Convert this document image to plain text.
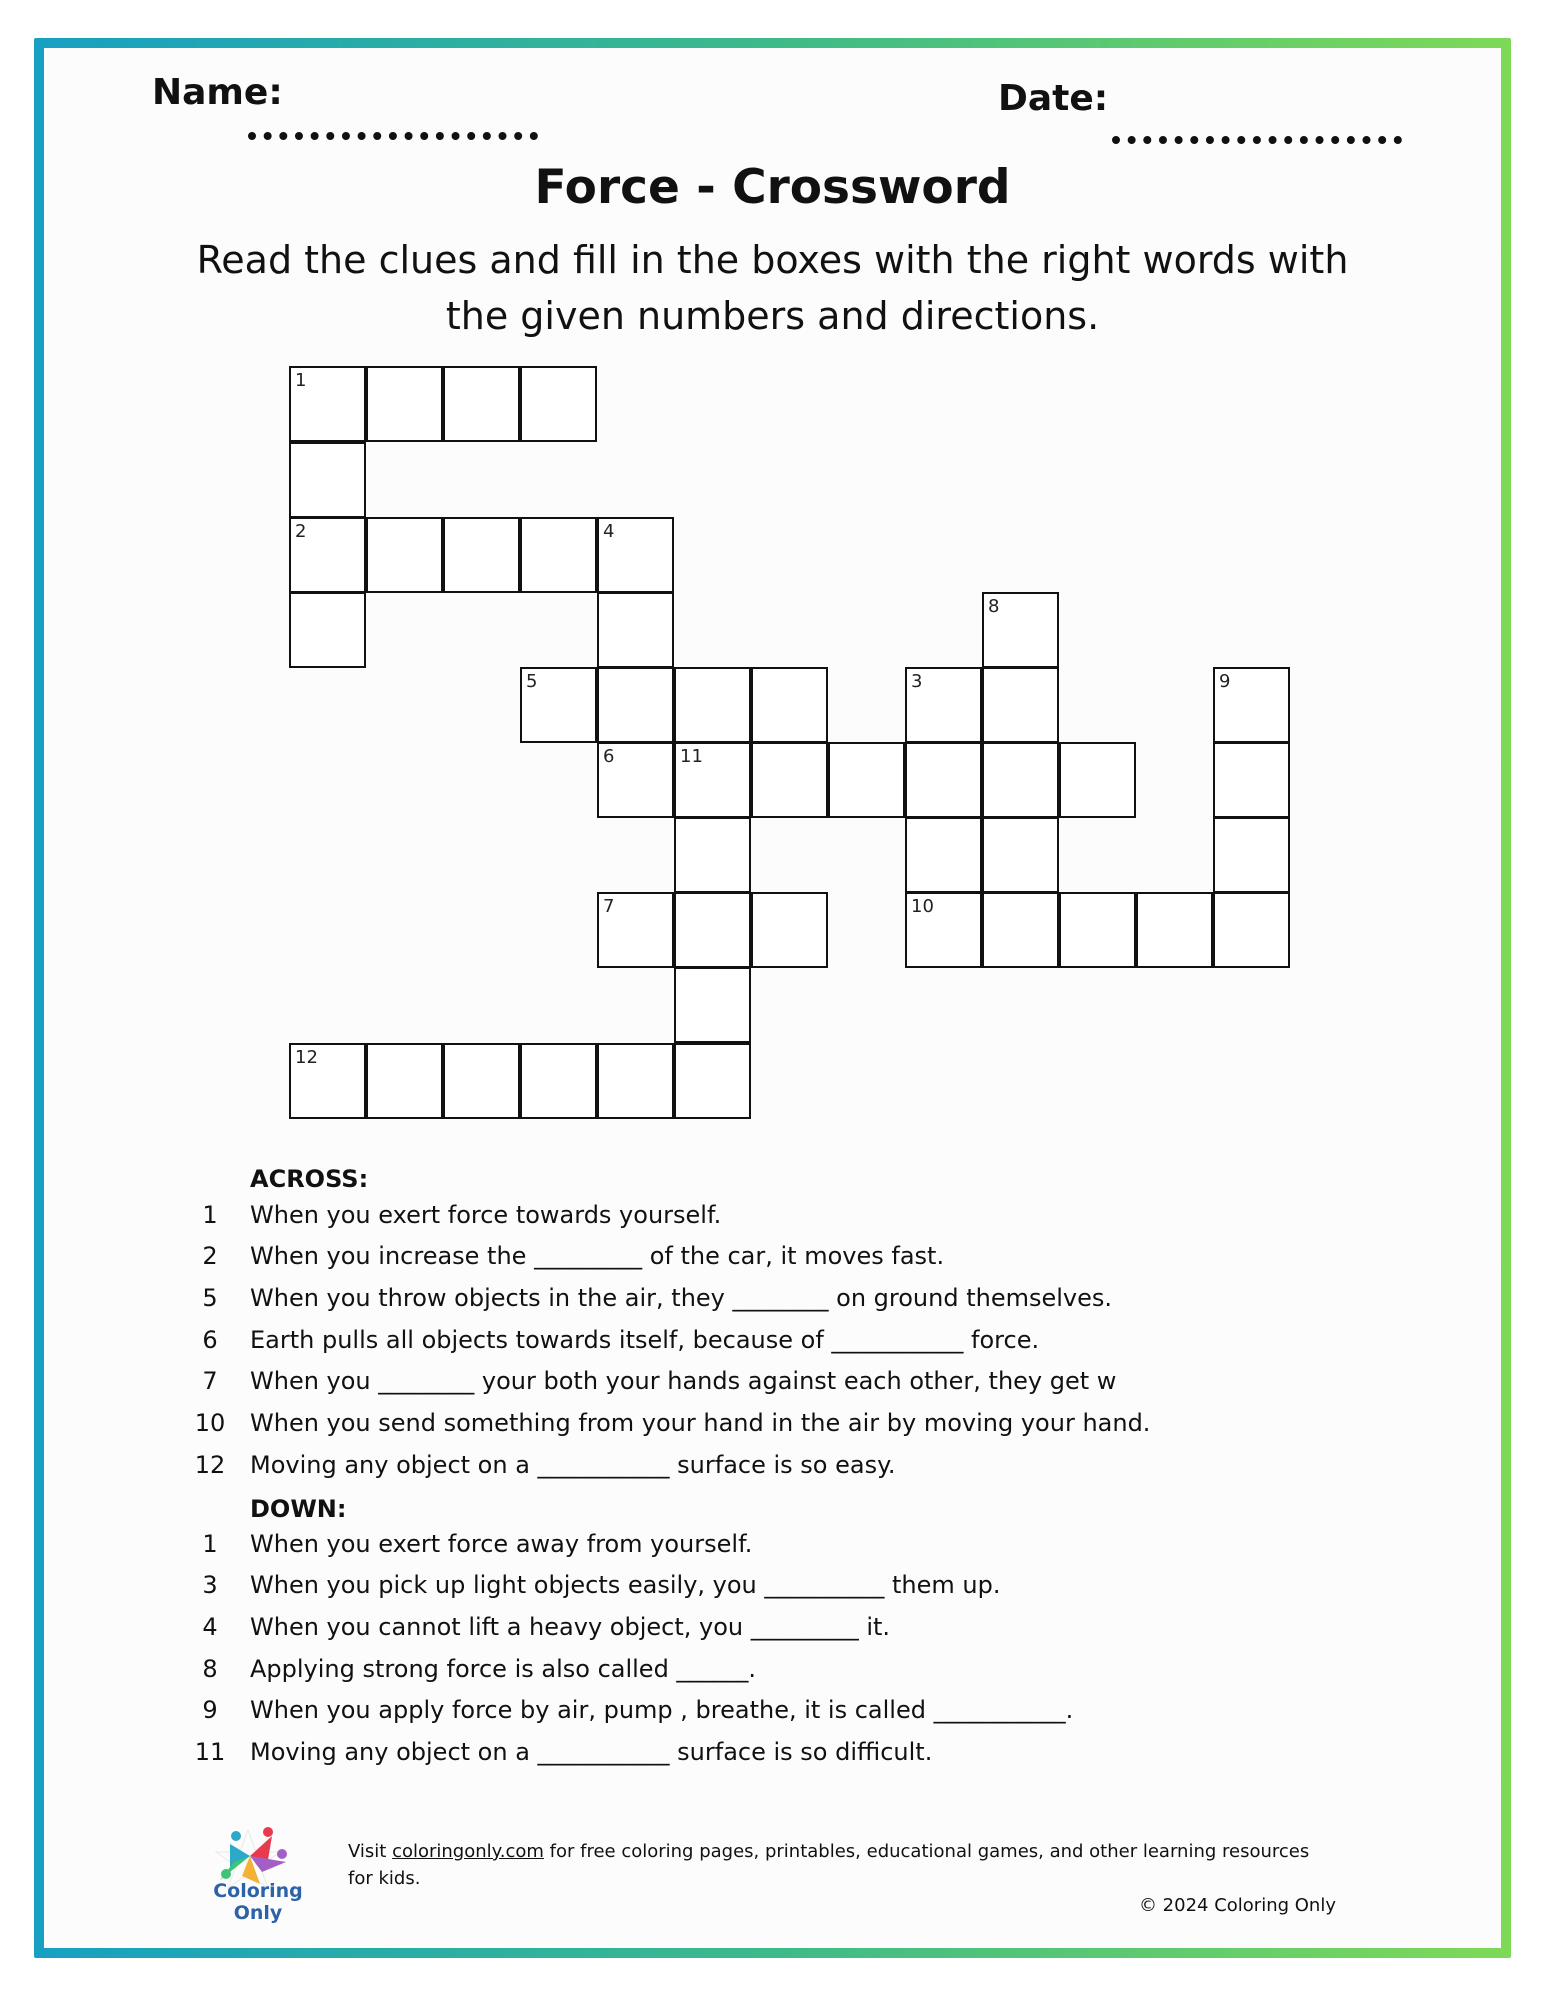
Name:	Date:
Force - Crossword
Read the clues and fill in the boxes with the right words with the given numbers and directions.
1
2	4
8
5	3	9
6	11
7	10
12
ACROSS:
1 When you exert force towards yourself.
2 When you increase the _________ of the car, it moves fast.
5 When you throw objects in the air, they ________ on ground themselves.
6 Earth pulls all objects towards itself, because of ___________ force.
7 When you ________ your both your hands against each other, they get w
10 When you send something from your hand in the air by moving your hand.
12 Moving any object on a ___________ surface is so easy.
DOWN:
1 When you exert force away from yourself.
3 When you pick up light objects easily, you __________ them up.
4 When you cannot lift a heavy object, you _________ it.
8 Applying strong force is also called ______.
9 When you apply force by air, pump , breathe, it is called ___________.
11 Moving any object on a ___________ surface is so difficult.
Coloring Only
Visit coloringonly.com for free coloring pages, printables, educational games, and other learning resources for kids.
© 2024 Coloring Only
